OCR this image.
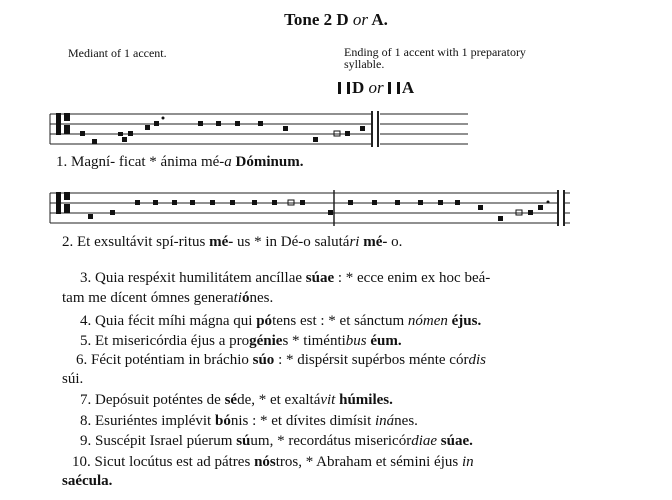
Tone 2 D or A.
Mediant of 1 accent.	Ending of 1 accent with 1 preparatory
syllable.
D or A
1. Magní- ficat * ánima mé-a Dóminum.
2. Et exsultávit spí-ritus mé- us * in Dé-o salutári mé- o.
3. Quia respéxit humilitátem ancíllae súae : * ecce enim ex hoc beá-
tam me dícent ómnes generatiónes.
4. Quia fécit míhi mágna qui pótens est : * et sánctum nómen éjus.
5. Et misericórdia éjus a progénies * timéntibus éum.
6. Fécit poténtiam in bráchio súo : * dispérsit supérbos ménte córdis
súi.
7. Depósuit poténtes de séde, * et exaltávit húmiles.
8. Esuriéntes implévit bónis : * et dívites dimísit inánes.
9. Suscépit Israel púerum súum, * recordátus misericórdiae súae.
10. Sicut locútus est ad pátres nóstros, * Abraham et sémini éjus in
saécula.
